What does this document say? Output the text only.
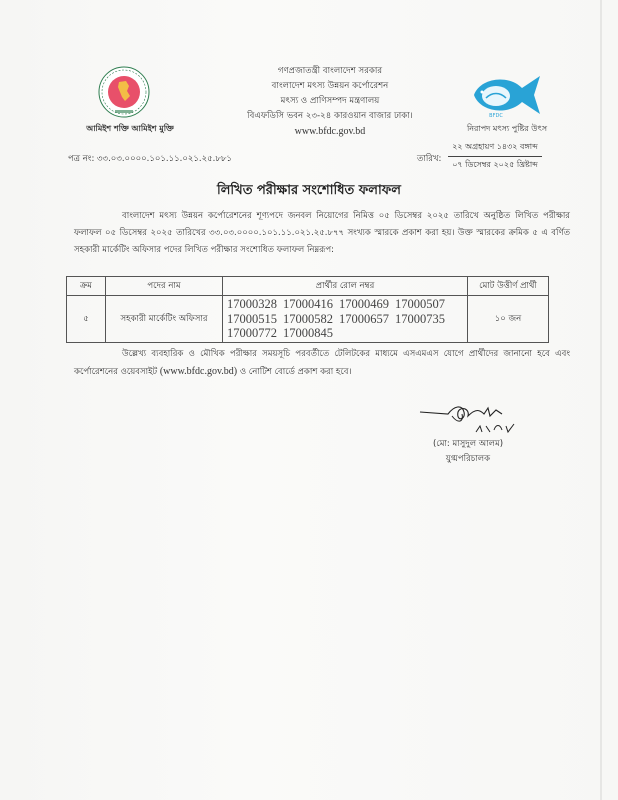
আমিইশ শক্তি আমিইশ মুক্তি
গণপ্রজাতন্ত্রী বাংলাদেশ সরকার
বাংলাদেশ মৎস্য উন্নয়ন কর্পোরেশন
মৎস্য ও প্রাণিসম্পদ মন্ত্রণালয়
বিএফডিসি ভবন ২৩-২৪ কারওয়ান বাজার ঢাকা।
www.bfdc.gov.bd
BFDC
নিরাপদ মৎস্য পুষ্টির উৎস
পত্র নং: ৩৩.০৩.০০০০.১০১.১১.০২১.২৫.৮৮১	তারিখ:
২২ অগ্রহায়ণ ১৪৩২ বঙ্গাব্দ
০৭ ডিসেম্বর ২০২৫ খ্রিষ্টাব্দ
লিখিত পরীক্ষার সংশোধিত ফলাফল
বাংলাদেশ মৎস্য উন্নয়ন কর্পোরেশনের শূণ্যপদে জনবল নিয়োগের নিমিত্ত ০৫ ডিসেম্বর ২০২৫ তারিখে অনুষ্ঠিত লিখিত পরীক্ষার ফলাফল ০৫ ডিসেম্বর ২০২৫ তারিখের ৩৩.০৩.০০০০.১০১.১১.০২১.২৫.৮৭৭ সংখ্যক স্মারকে প্রকাশ করা হয়। উক্ত স্মারকের ক্রমিক ৫ এ বর্ণিত সহকারী মার্কেটিং অফিসার পদের লিখিত পরীক্ষার সংশোধিত ফলাফল নিম্নরূপ:
ক্রম	পদের নাম	প্রার্থীর রোল নম্বর	মোট উত্তীর্ণ প্রার্থী
৫	সহকারী মার্কেটিং অফিসার	17000328 17000416 17000469 17000507
17000515 17000582 17000657 17000735
17000772 17000845	১০ জন
উল্লেখ্য ব্যবহারিক ও মৌখিক পরীক্ষার সময়সূচি পরবর্তীতে টেলিটকের মাধ্যমে এসএমএস যোগে প্রার্থীদের জানানো হবে এবং কর্পোরেশনের ওয়েবসাইট (www.bfdc.gov.bd) ও নোটিশ বোর্ডে প্রকাশ করা হবে।
(মো: মাসুদুল আলম)
যুগ্মপরিচালক
